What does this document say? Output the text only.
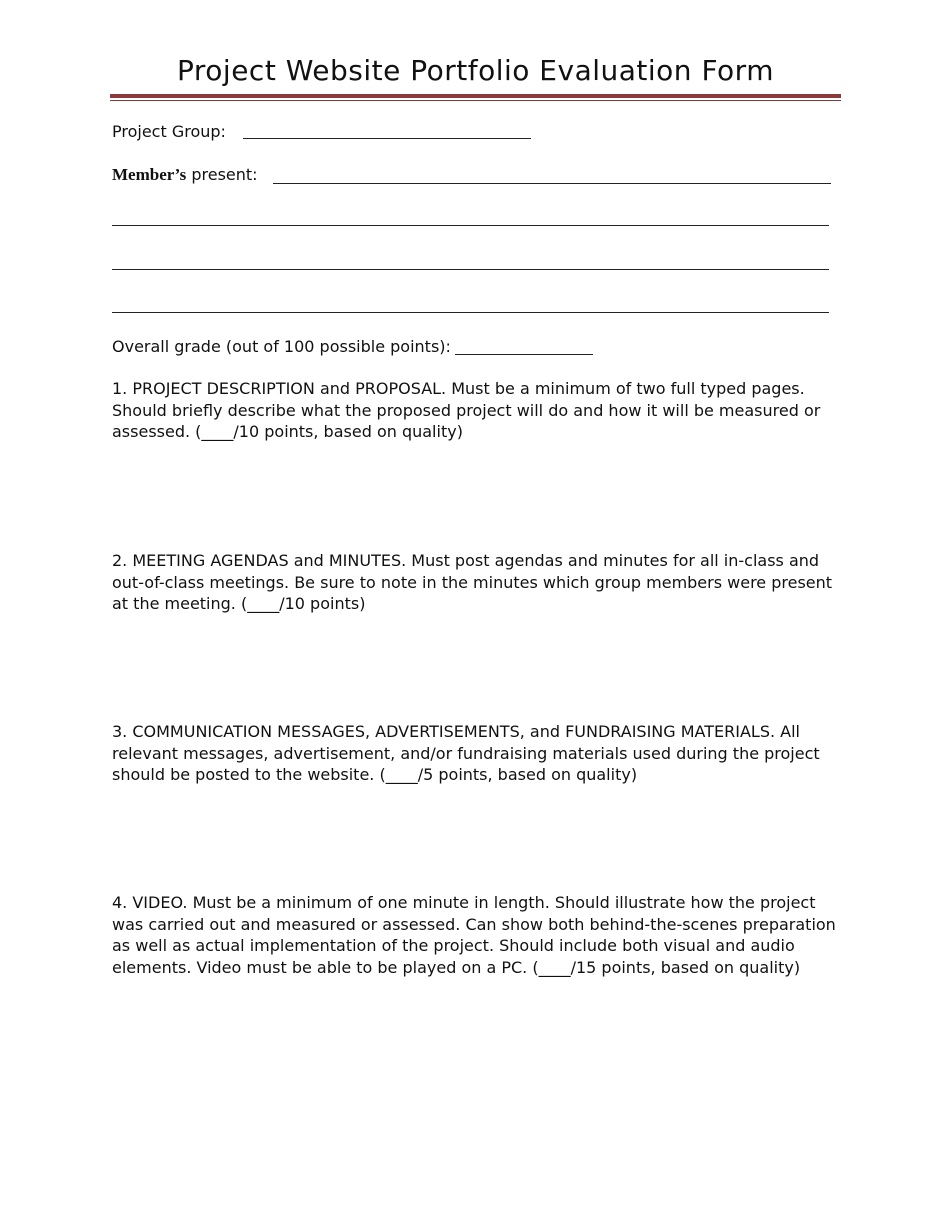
Project Website Portfolio Evaluation Form
Project Group:
Member’s present:
Overall grade (out of 100 possible points):
1. PROJECT DESCRIPTION and PROPOSAL. Must be a minimum of two full typed pages. Should briefly describe what the proposed project will do and how it will be measured or assessed. (____/10 points, based on quality)
2. MEETING AGENDAS and MINUTES. Must post agendas and minutes for all in-class and out-of-class meetings. Be sure to note in the minutes which group members were present at the meeting. (____/10 points)
3. COMMUNICATION MESSAGES, ADVERTISEMENTS, and FUNDRAISING MATERIALS. All relevant messages, advertisement, and/or fundraising materials used during the project should be posted to the website. (____/5 points, based on quality)
4. VIDEO. Must be a minimum of one minute in length. Should illustrate how the project was carried out and measured or assessed. Can show both behind-the-scenes preparation as well as actual implementation of the project. Should include both visual and audio elements. Video must be able to be played on a PC. (____/15 points, based on quality)
